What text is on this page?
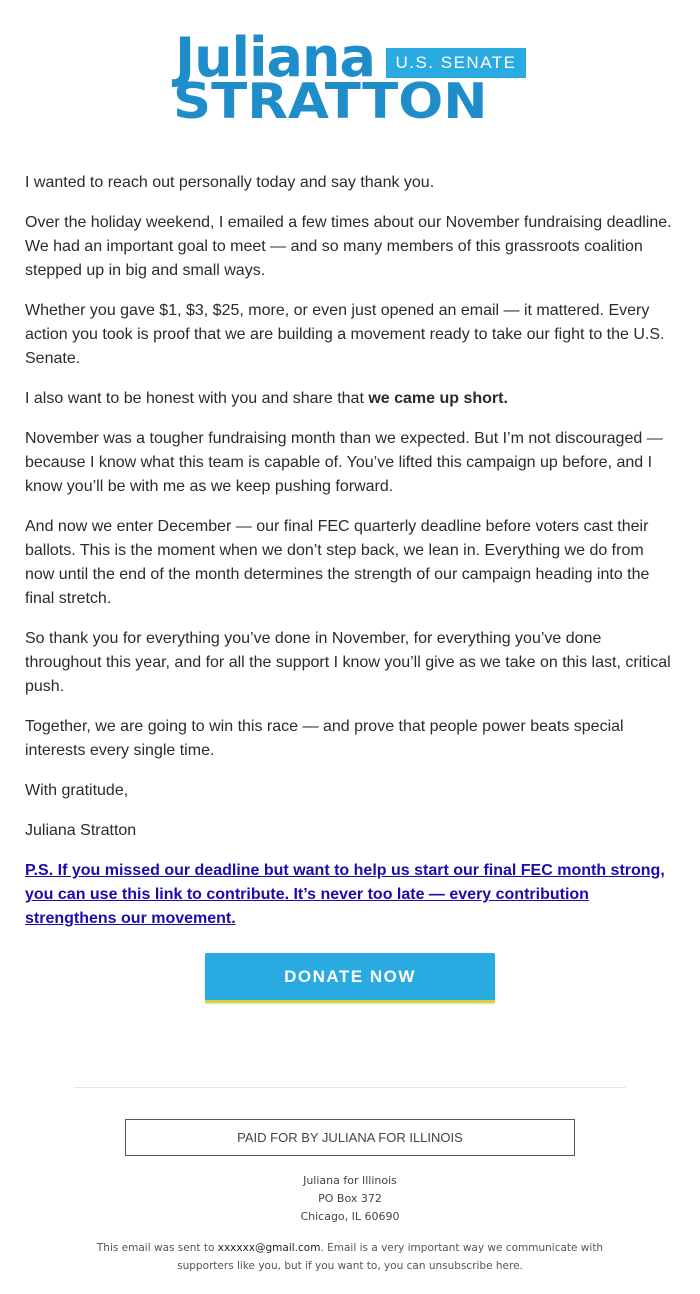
Juliana	U.S. SENATE
STRATTON

I wanted to reach out personally today and say thank you.

Over the holiday weekend, I emailed a few times about our November fundraising deadline. We had an important goal to meet — and so many members of this grassroots coalition stepped up in big and small ways.

Whether you gave $1, $3, $25, more, or even just opened an email — it mattered. Every action you took is proof that we are building a movement ready to take our fight to the U.S. Senate.

I also want to be honest with you and share that we came up short.

November was a tougher fundraising month than we expected. But I’m not discouraged — because I know what this team is capable of. You’ve lifted this campaign up before, and I know you’ll be with me as we keep pushing forward.

And now we enter December — our final FEC quarterly deadline before voters cast their ballots. This is the moment when we don’t step back, we lean in. Everything we do from now until the end of the month determines the strength of our campaign heading into the final stretch.

So thank you for everything you’ve done in November, for everything you’ve done throughout this year, and for all the support I know you’ll give as we take on this last, critical push.

Together, we are going to win this race — and prove that people power beats special interests every single time.

With gratitude,

Juliana Stratton

P.S. If you missed our deadline but want to help us start our final FEC month strong, you can use this link to contribute. It’s never too late — every contribution strengthens our movement.

DONATE NOW
PAID FOR BY JULIANA FOR ILLINOIS
Juliana for Illinois
PO Box 372
Chicago, IL 60690
This email was sent to xxxxxx@gmail.com. Email is a very important way we communicate with supporters like you, but if you want to, you can unsubscribe here.
